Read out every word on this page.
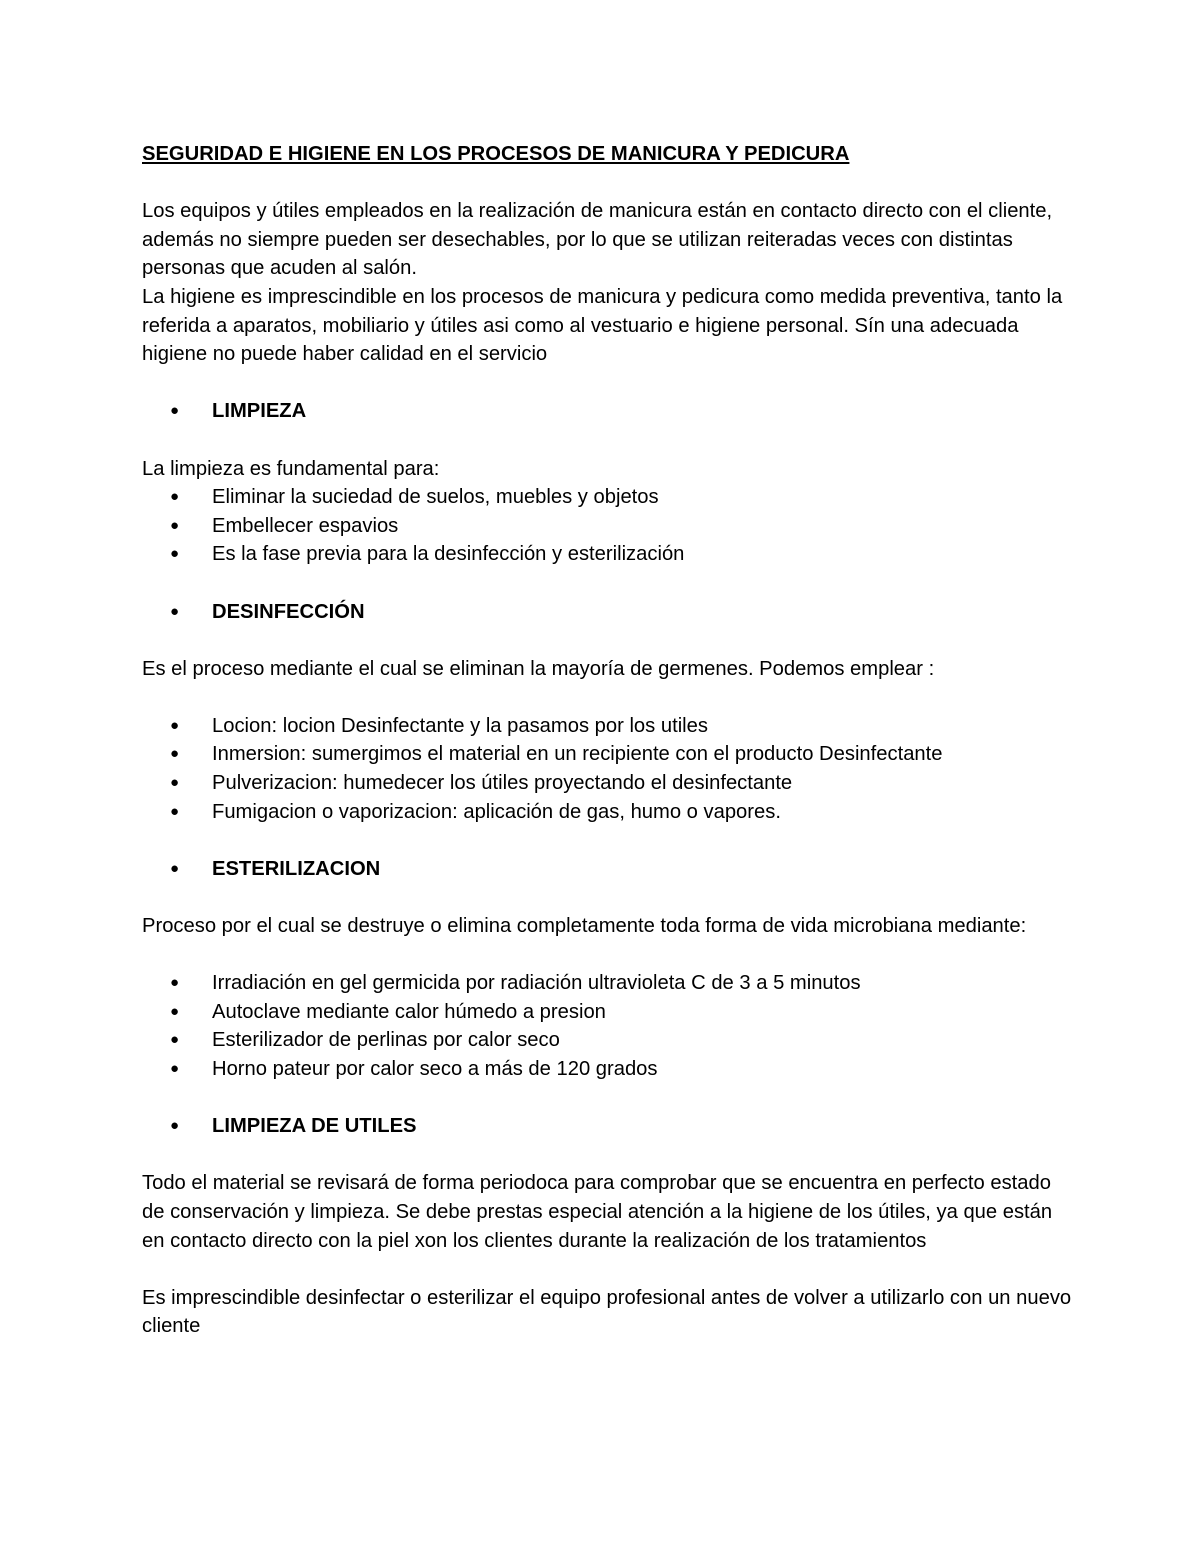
SEGURIDAD E HIGIENE EN LOS PROCESOS DE MANICURA Y PEDICURA

Los equipos y útiles empleados en la realización de manicura están en contacto directo con el cliente, además no siempre pueden ser desechables, por lo que se utilizan reiteradas veces con distintas personas que acuden al salón.

La higiene es imprescindible en los procesos de manicura y pedicura como medida preventiva, tanto la referida a aparatos, mobiliario y útiles asi como al vestuario e higiene personal. Sín una adecuada higiene no puede haber calidad en el servicio

● LIMPIEZA

La limpieza es fundamental para:

● Eliminar la suciedad de suelos, muebles y objetos
● Embellecer espavios
● Es la fase previa para la desinfección y esterilización
● DESINFECCIÓN

Es el proceso mediante el cual se eliminan la mayoría de germenes. Podemos emplear :

● Locion: locion Desinfectante y la pasamos por los utiles
● Inmersion: sumergimos el material en un recipiente con el producto Desinfectante
● Pulverizacion: humedecer los útiles proyectando el desinfectante
● Fumigacion o vaporizacion: aplicación de gas, humo o vapores.
● ESTERILIZACION

Proceso por el cual se destruye o elimina completamente toda forma de vida microbiana mediante:

● Irradiación en gel germicida por radiación ultravioleta C de 3 a 5 minutos
● Autoclave mediante calor húmedo a presion
● Esterilizador de perlinas por calor seco
● Horno pateur por calor seco a más de 120 grados
● LIMPIEZA DE UTILES

Todo el material se revisará de forma periodoca para comprobar que se encuentra en perfecto estado de conservación y limpieza. Se debe prestas especial atención a la higiene de los útiles, ya que están en contacto directo con la piel xon los clientes durante la realización de los tratamientos

Es imprescindible desinfectar o esterilizar el equipo profesional antes de volver a utilizarlo con un nuevo cliente
